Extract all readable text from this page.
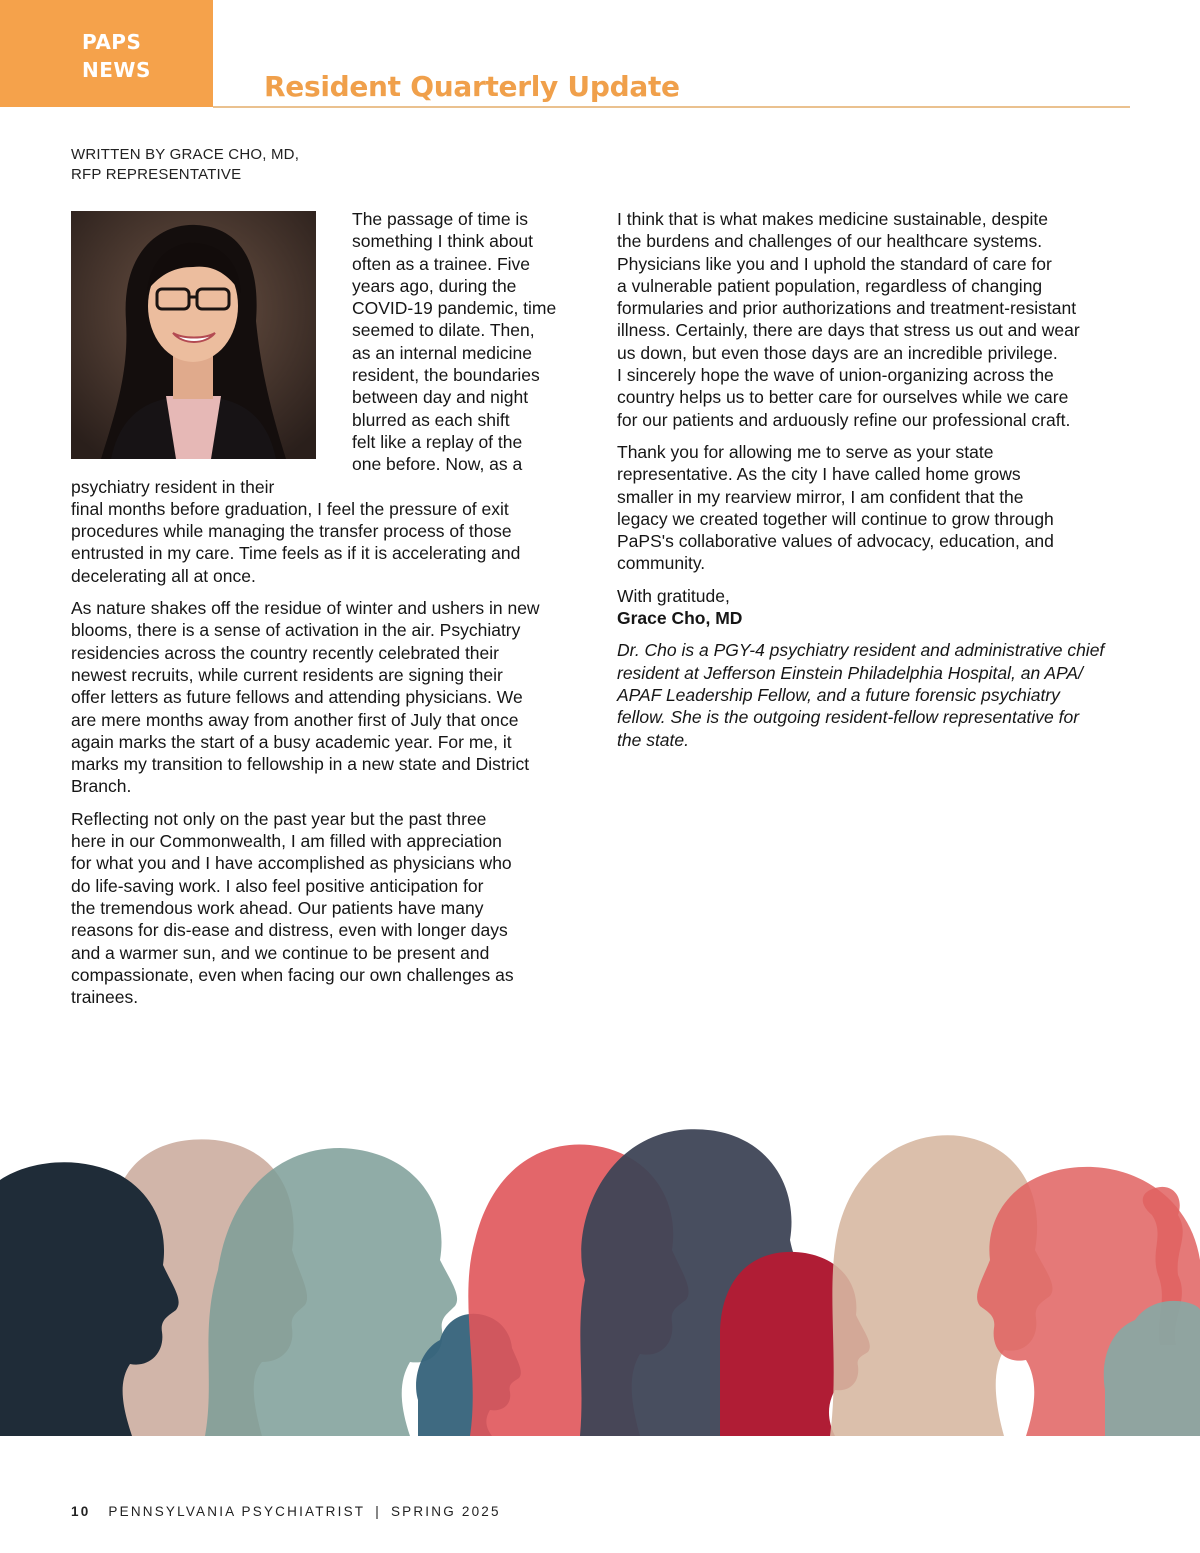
PAPS
NEWS	Resident Quarterly Update
WRITTEN BY GRACE CHO, MD,
RFP REPRESENTATIVE

The passage of time is
something I think about
often as a trainee. Five
years ago, during the
COVID-19 pandemic, time
seemed to dilate. Then,
as an internal medicine
resident, the boundaries
between day and night
blurred as each shift
felt like a replay of the
one before. Now, as a
psychiatry resident in their
final months before graduation, I feel the pressure of exit
procedures while managing the transfer process of those
entrusted in my care. Time feels as if it is accelerating and
decelerating all at once.

As nature shakes off the residue of winter and ushers in new
blooms, there is a sense of activation in the air. Psychiatry
residencies across the country recently celebrated their
newest recruits, while current residents are signing their
offer letters as future fellows and attending physicians. We
are mere months away from another first of July that once
again marks the start of a busy academic year. For me, it
marks my transition to fellowship in a new state and District
Branch.

Reflecting not only on the past year but the past three
here in our Commonwealth, I am filled with appreciation
for what you and I have accomplished as physicians who
do life-saving work. I also feel positive anticipation for
the tremendous work ahead. Our patients have many
reasons for dis-ease and distress, even with longer days
and a warmer sun, and we continue to be present and
compassionate, even when facing our own challenges as
trainees.

I think that is what makes medicine sustainable, despite
the burdens and challenges of our healthcare systems.
Physicians like you and I uphold the standard of care for
a vulnerable patient population, regardless of changing
formularies and prior authorizations and treatment-resistant
illness. Certainly, there are days that stress us out and wear
us down, but even those days are an incredible privilege.
I sincerely hope the wave of union-organizing across the
country helps us to better care for ourselves while we care
for our patients and arduously refine our professional craft.

Thank you for allowing me to serve as your state
representative. As the city I have called home grows
smaller in my rearview mirror, I am confident that the
legacy we created together will continue to grow through
PaPS's collaborative values of advocacy, education, and
community.

With gratitude,
Grace Cho, MD

Dr. Cho is a PGY-4 psychiatry resident and administrative chief
resident at Jefferson Einstein Philadelphia Hospital, an APA/
APAF Leadership Fellow, and a future forensic psychiatry
fellow. She is the outgoing resident-fellow representative for
the state.

10 PENNSYLVANIA PSYCHIATRIST | SPRING 2025
